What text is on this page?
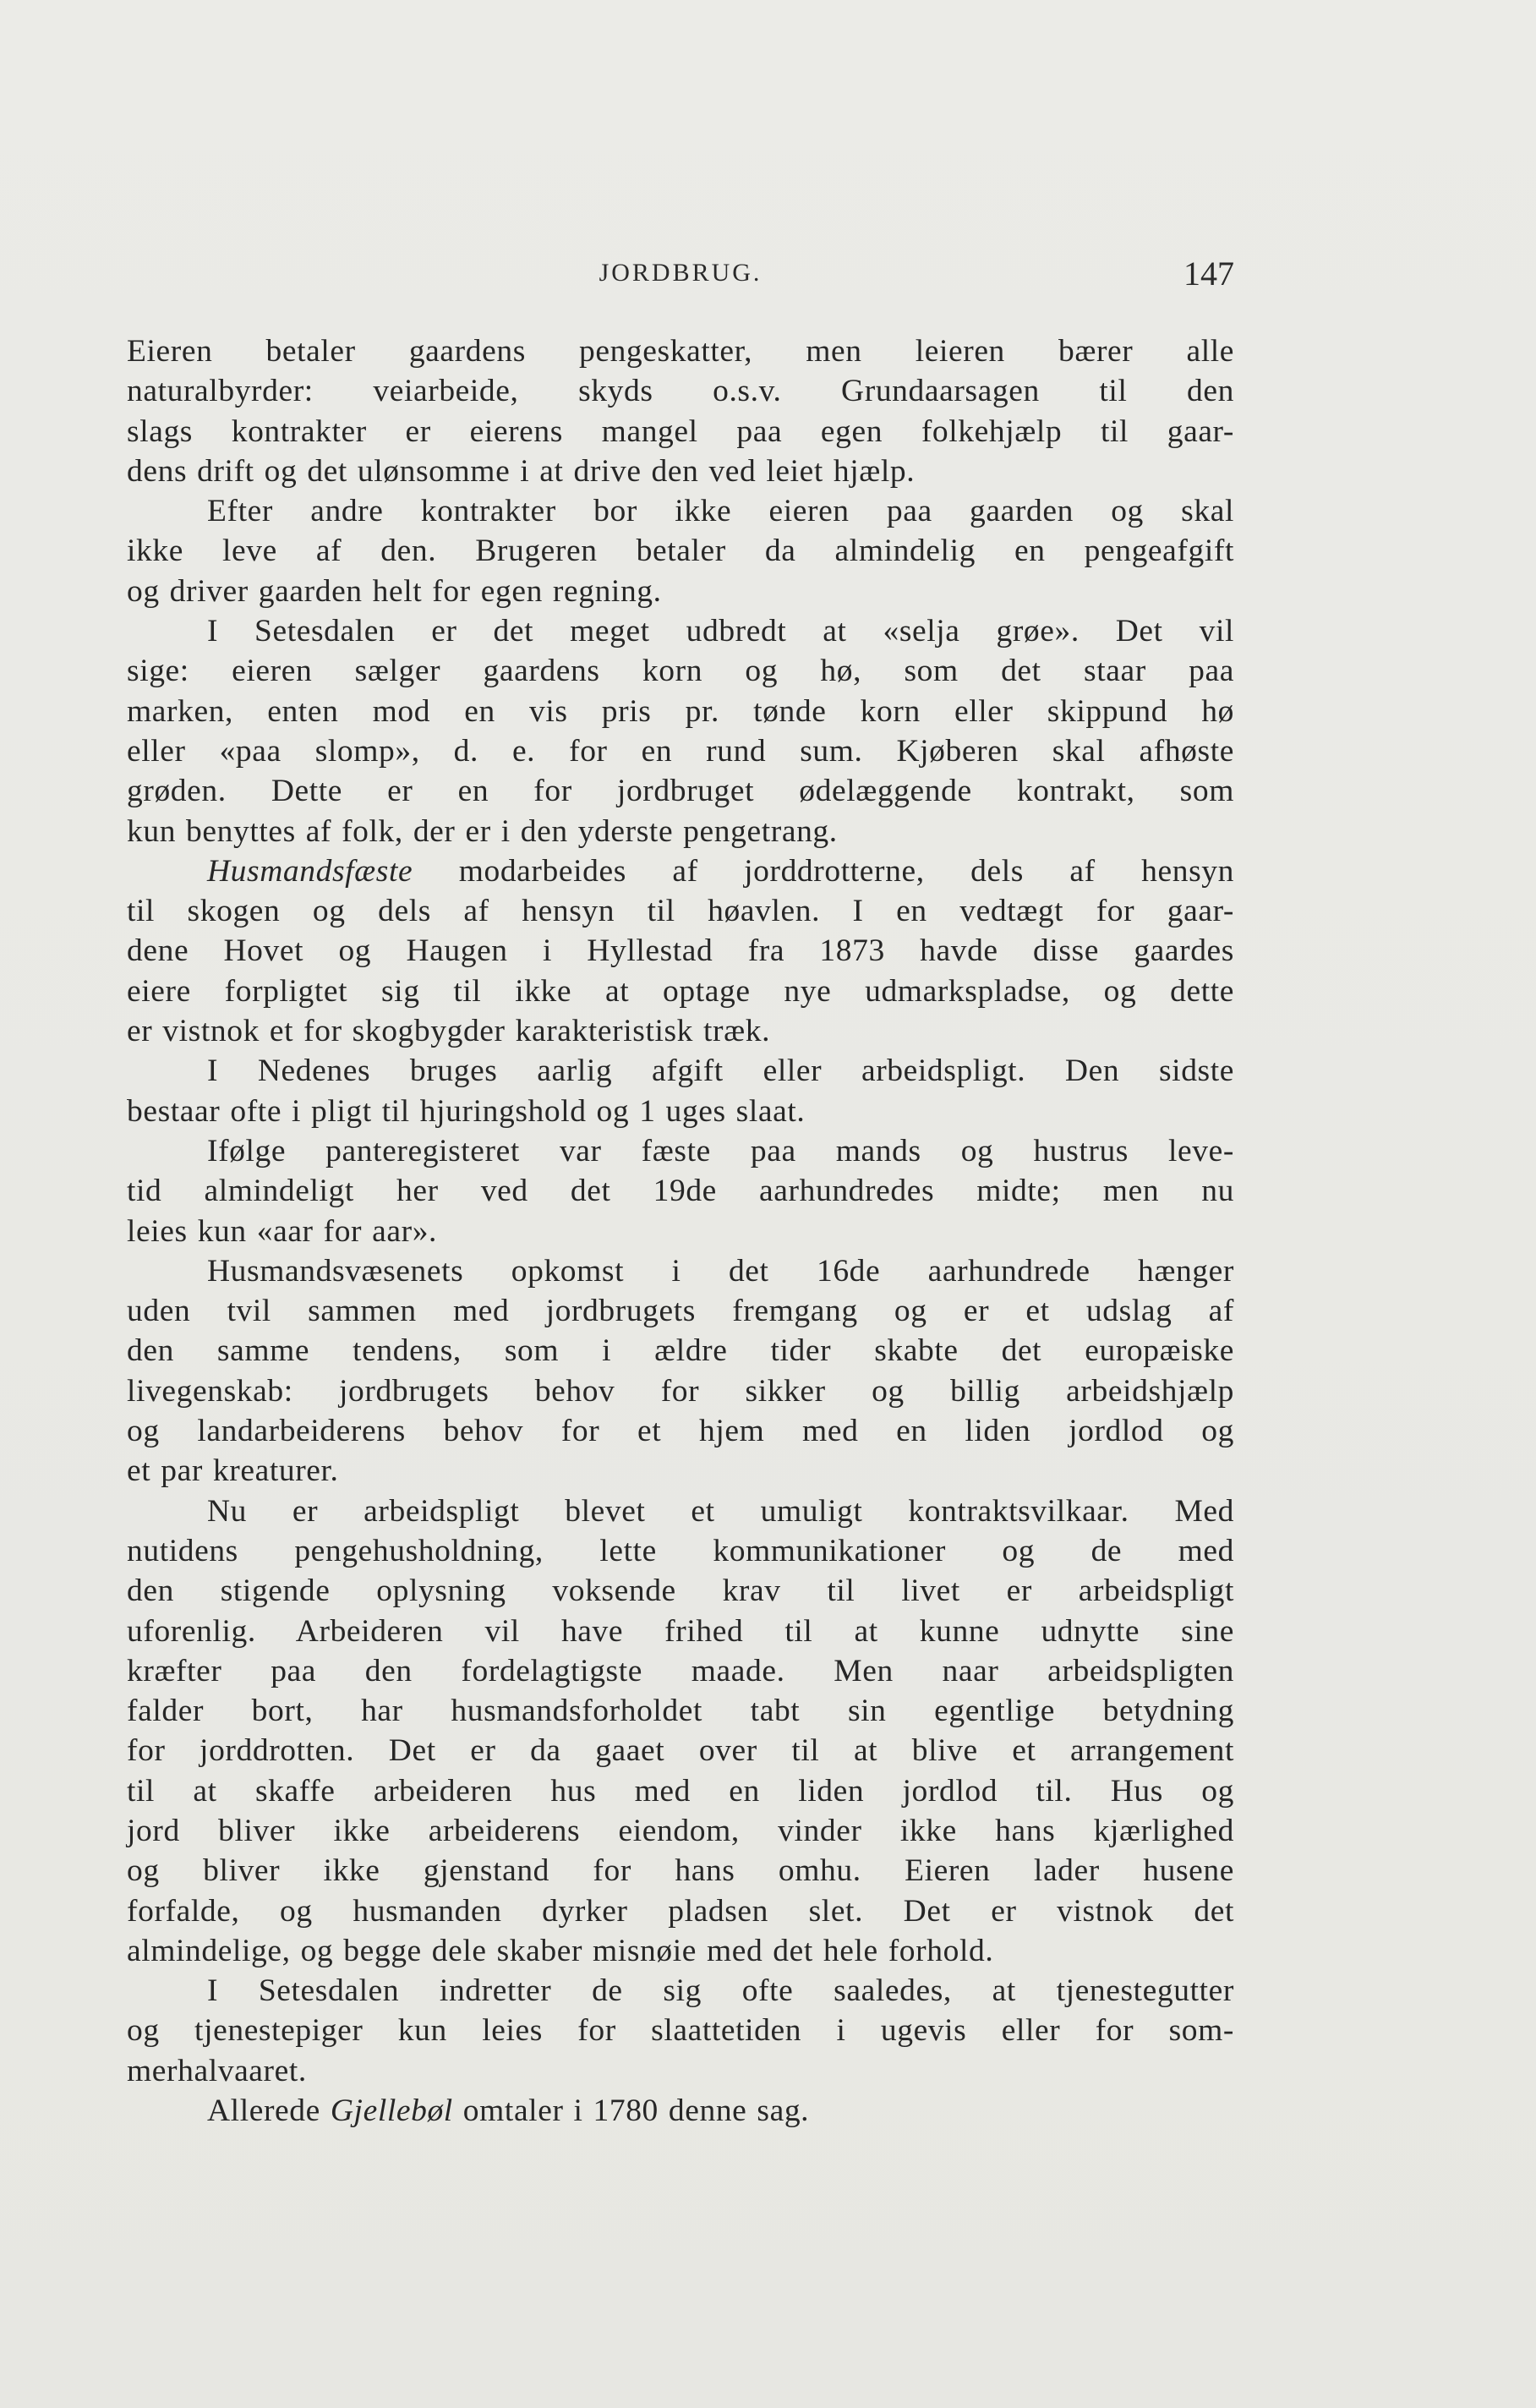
JORDBRUG.	147

Eieren betaler gaardens pengeskatter, men leieren bærer alle
naturalbyrder: veiarbeide, skyds o.s.v. Grundaarsagen til den
slags kontrakter er eierens mangel paa egen folkehjælp til gaar-
dens drift og det ulønsomme i at drive den ved leiet hjælp.

Efter andre kontrakter bor ikke eieren paa gaarden og skal
ikke leve af den. Brugeren betaler da almindelig en pengeafgift
og driver gaarden helt for egen regning.

I Setesdalen er det meget udbredt at «selja grøe». Det vil
sige: eieren sælger gaardens korn og hø, som det staar paa
marken, enten mod en vis pris pr. tønde korn eller skippund hø
eller «paa slomp», d. e. for en rund sum. Kjøberen skal afhøste
grøden. Dette er en for jordbruget ødelæggende kontrakt, som
kun benyttes af folk, der er i den yderste pengetrang.

Husmandsfæste modarbeides af jorddrotterne, dels af hensyn
til skogen og dels af hensyn til høavlen. I en vedtægt for gaar-
dene Hovet og Haugen i Hyllestad fra 1873 havde disse gaardes
eiere forpligtet sig til ikke at optage nye udmarkspladse, og dette
er vistnok et for skogbygder karakteristisk træk.

I Nedenes bruges aarlig afgift eller arbeidspligt. Den sidste
bestaar ofte i pligt til hjuringshold og 1 uges slaat.

Ifølge panteregisteret var fæste paa mands og hustrus leve-
tid almindeligt her ved det 19de aarhundredes midte; men nu
leies kun «aar for aar».

Husmandsvæsenets opkomst i det 16de aarhundrede hænger
uden tvil sammen med jordbrugets fremgang og er et udslag af
den samme tendens, som i ældre tider skabte det europæiske
livegenskab: jordbrugets behov for sikker og billig arbeidshjælp
og landarbeiderens behov for et hjem med en liden jordlod og
et par kreaturer.

Nu er arbeidspligt blevet et umuligt kontraktsvilkaar. Med
nutidens pengehusholdning, lette kommunikationer og de med
den stigende oplysning voksende krav til livet er arbeidspligt
uforenlig. Arbeideren vil have frihed til at kunne udnytte sine
kræfter paa den fordelagtigste maade. Men naar arbeidspligten
falder bort, har husmandsforholdet tabt sin egentlige betydning
for jorddrotten. Det er da gaaet over til at blive et arrangement
til at skaffe arbeideren hus med en liden jordlod til. Hus og
jord bliver ikke arbeiderens eiendom, vinder ikke hans kjærlighed
og bliver ikke gjenstand for hans omhu. Eieren lader husene
forfalde, og husmanden dyrker pladsen slet. Det er vistnok det
almindelige, og begge dele skaber misnøie med det hele forhold.

I Setesdalen indretter de sig ofte saaledes, at tjenestegutter
og tjenestepiger kun leies for slaattetiden i ugevis eller for som-
merhalvaaret.

Allerede Gjellebøl omtaler i 1780 denne sag.
